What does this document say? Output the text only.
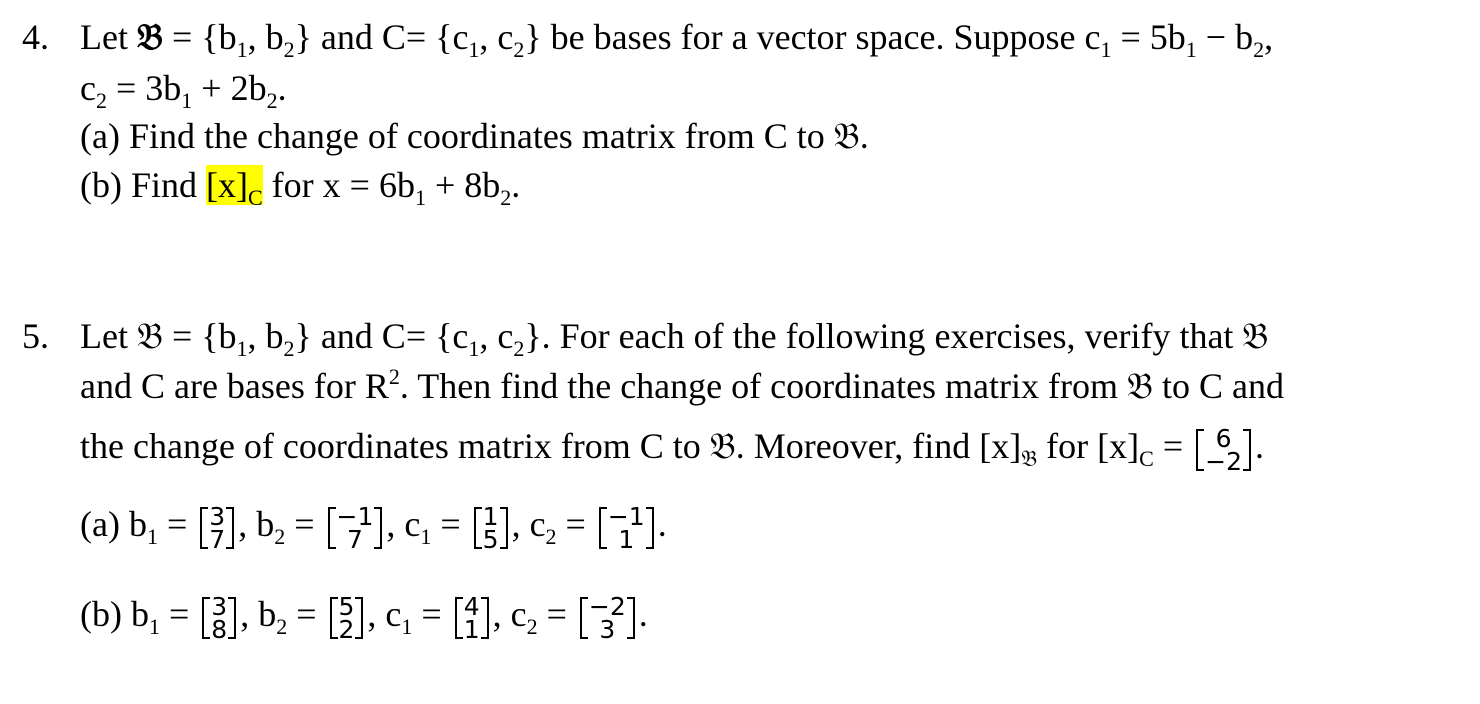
4. Let 𝔅 = {$b_1$, $b_2$} and $C= \{c_1$, $c_2$} be bases for a vector space. Suppose $c_1 = 5b_1 - b_2$,
$c_2 = 3b_1 + 2b_2$.
(a) Find the change of coordinates matrix from C to 𝔅.
(b) Find $[x]_C$ for $x = 6b_1 + 8b_2$.
5. Let 𝔅 = {$b_1$, $b_2$} and $C= \{c_1$, $c_2$}. For each of the following exercises, verify that 𝔅
and C are bases for $R^2$. Then find the change of coordinates matrix from 𝔅 to C and
the change of coordinates matrix from C to 𝔅. Moreover, find $[x]_𝔅$ for $[x]_C$ =	6
−2 .
(a) $b_1 = 3$
7 , $b_2 = -1$
7 , $c_1 = 1$
5 , $c_2 = -1$
1 .
(b) $b_1 = 3$
8 , $b_2 = 5$
2 , $c_1 = 4$
1 , $c_2 = -2$
3 .
